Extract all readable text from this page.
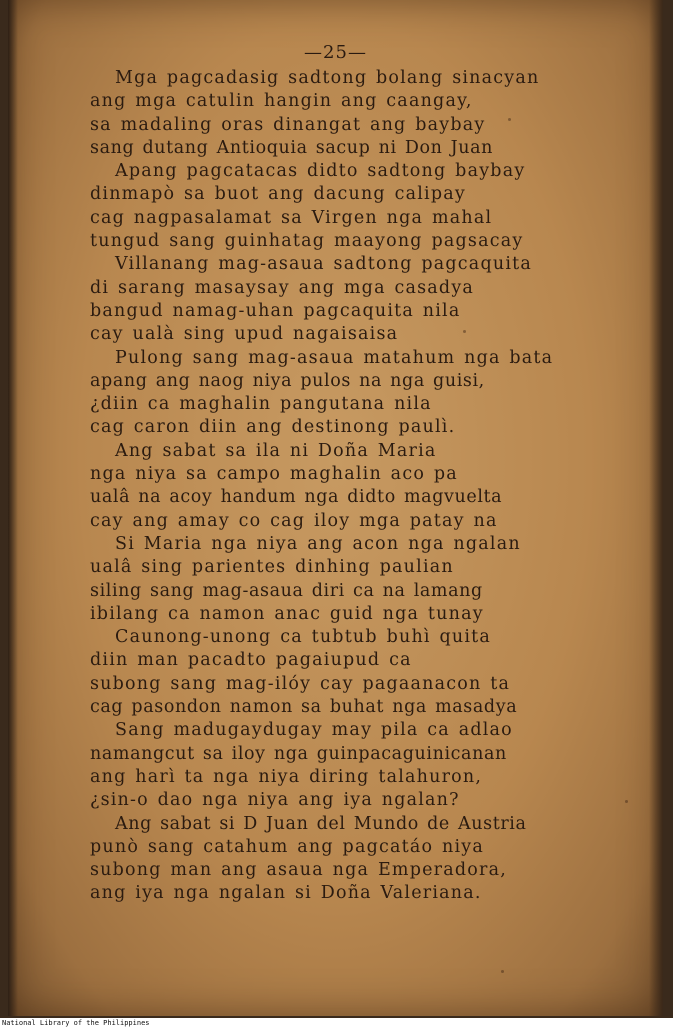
—25—
Mga pagcadasig sadtong bolang sinacyan
ang mga catulin hangin ang caangay,
sa madaling oras dinangat ang baybay
sang dutang Antioquia sacup ni Don Juan
Apang pagcatacas didto sadtong baybay
dinmapò sa buot ang dacung calipay
cag nagpasalamat sa Virgen nga mahal
tungud sang guinhatag maayong pagsacay
Villanang mag-asaua sadtong pagcaquita
di sarang masaysay ang mga casadya
bangud namag-uhan pagcaquita nila
cay ualà sing upud nagaisaisa
Pulong sang mag-asaua matahum nga bata
apang ang naog niya pulos na nga guisi,
¿diin ca maghalin pangutana nila
cag caron diin ang destinong paulì.
Ang sabat sa ila ni Doña Maria
nga niya sa campo maghalin aco pa
ualâ na acoy handum nga didto magvuelta
cay ang amay co cag iloy mga patay na
Si Maria nga niya ang acon nga ngalan
ualâ sing parientes dinhing paulian
siling sang mag-asaua diri ca na lamang
ibilang ca namon anac guid nga tunay
Caunong-unong ca tubtub buhì quita
diin man pacadto pagaiupud ca
subong sang mag-ilóy cay pagaanacon ta
cag pasondon namon sa buhat nga masadya
Sang madugaydugay may pila ca adlao
namangcut sa iloy nga guinpacaguinicanan
ang harì ta nga niya diring talahuron,
¿sin-o dao nga niya ang iya ngalan?
Ang sabat si D Juan del Mundo de Austria
punò sang catahum ang pagcatáo niya
subong man ang asaua nga Emperadora,
ang iya nga ngalan si Doña Valeriana.
National Library of the Philippines
